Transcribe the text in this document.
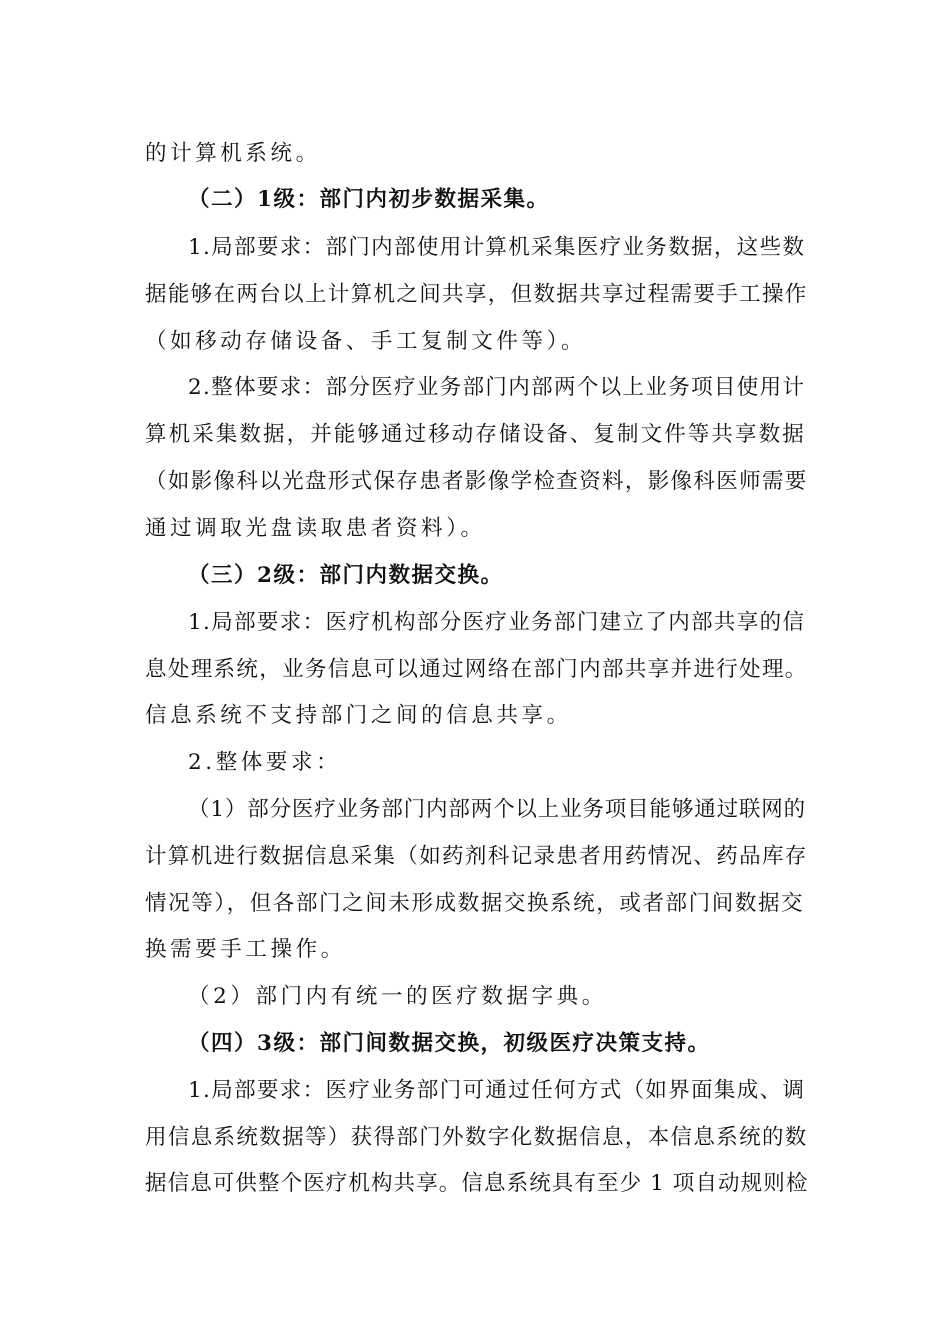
的计算机系统。
（二）1级：部门内初步数据采集。
1.局部要求：部门内部使用计算机采集医疗业务数据，这些数
据能够在两台以上计算机之间共享，但数据共享过程需要手工操作
（如移动存储设备、手工复制文件等）。
2.整体要求：部分医疗业务部门内部两个以上业务项目使用计
算机采集数据，并能够通过移动存储设备、复制文件等共享数据
（如影像科以光盘形式保存患者影像学检查资料，影像科医师需要
通过调取光盘读取患者资料）。
（三）2级：部门内数据交换。
1.局部要求：医疗机构部分医疗业务部门建立了内部共享的信
息处理系统，业务信息可以通过网络在部门内部共享并进行处理。
信息系统不支持部门之间的信息共享。
2.整体要求：
（1）部分医疗业务部门内部两个以上业务项目能够通过联网的
计算机进行数据信息采集（如药剂科记录患者用药情况、药品库存
情况等），但各部门之间未形成数据交换系统，或者部门间数据交
换需要手工操作。
（2）部门内有统一的医疗数据字典。
（四）3级：部门间数据交换，初级医疗决策支持。
1.局部要求：医疗业务部门可通过任何方式（如界面集成、调
用信息系统数据等）获得部门外数字化数据信息，本信息系统的数
据信息可供整个医疗机构共享。信息系统具有至少 1 项自动规则检
